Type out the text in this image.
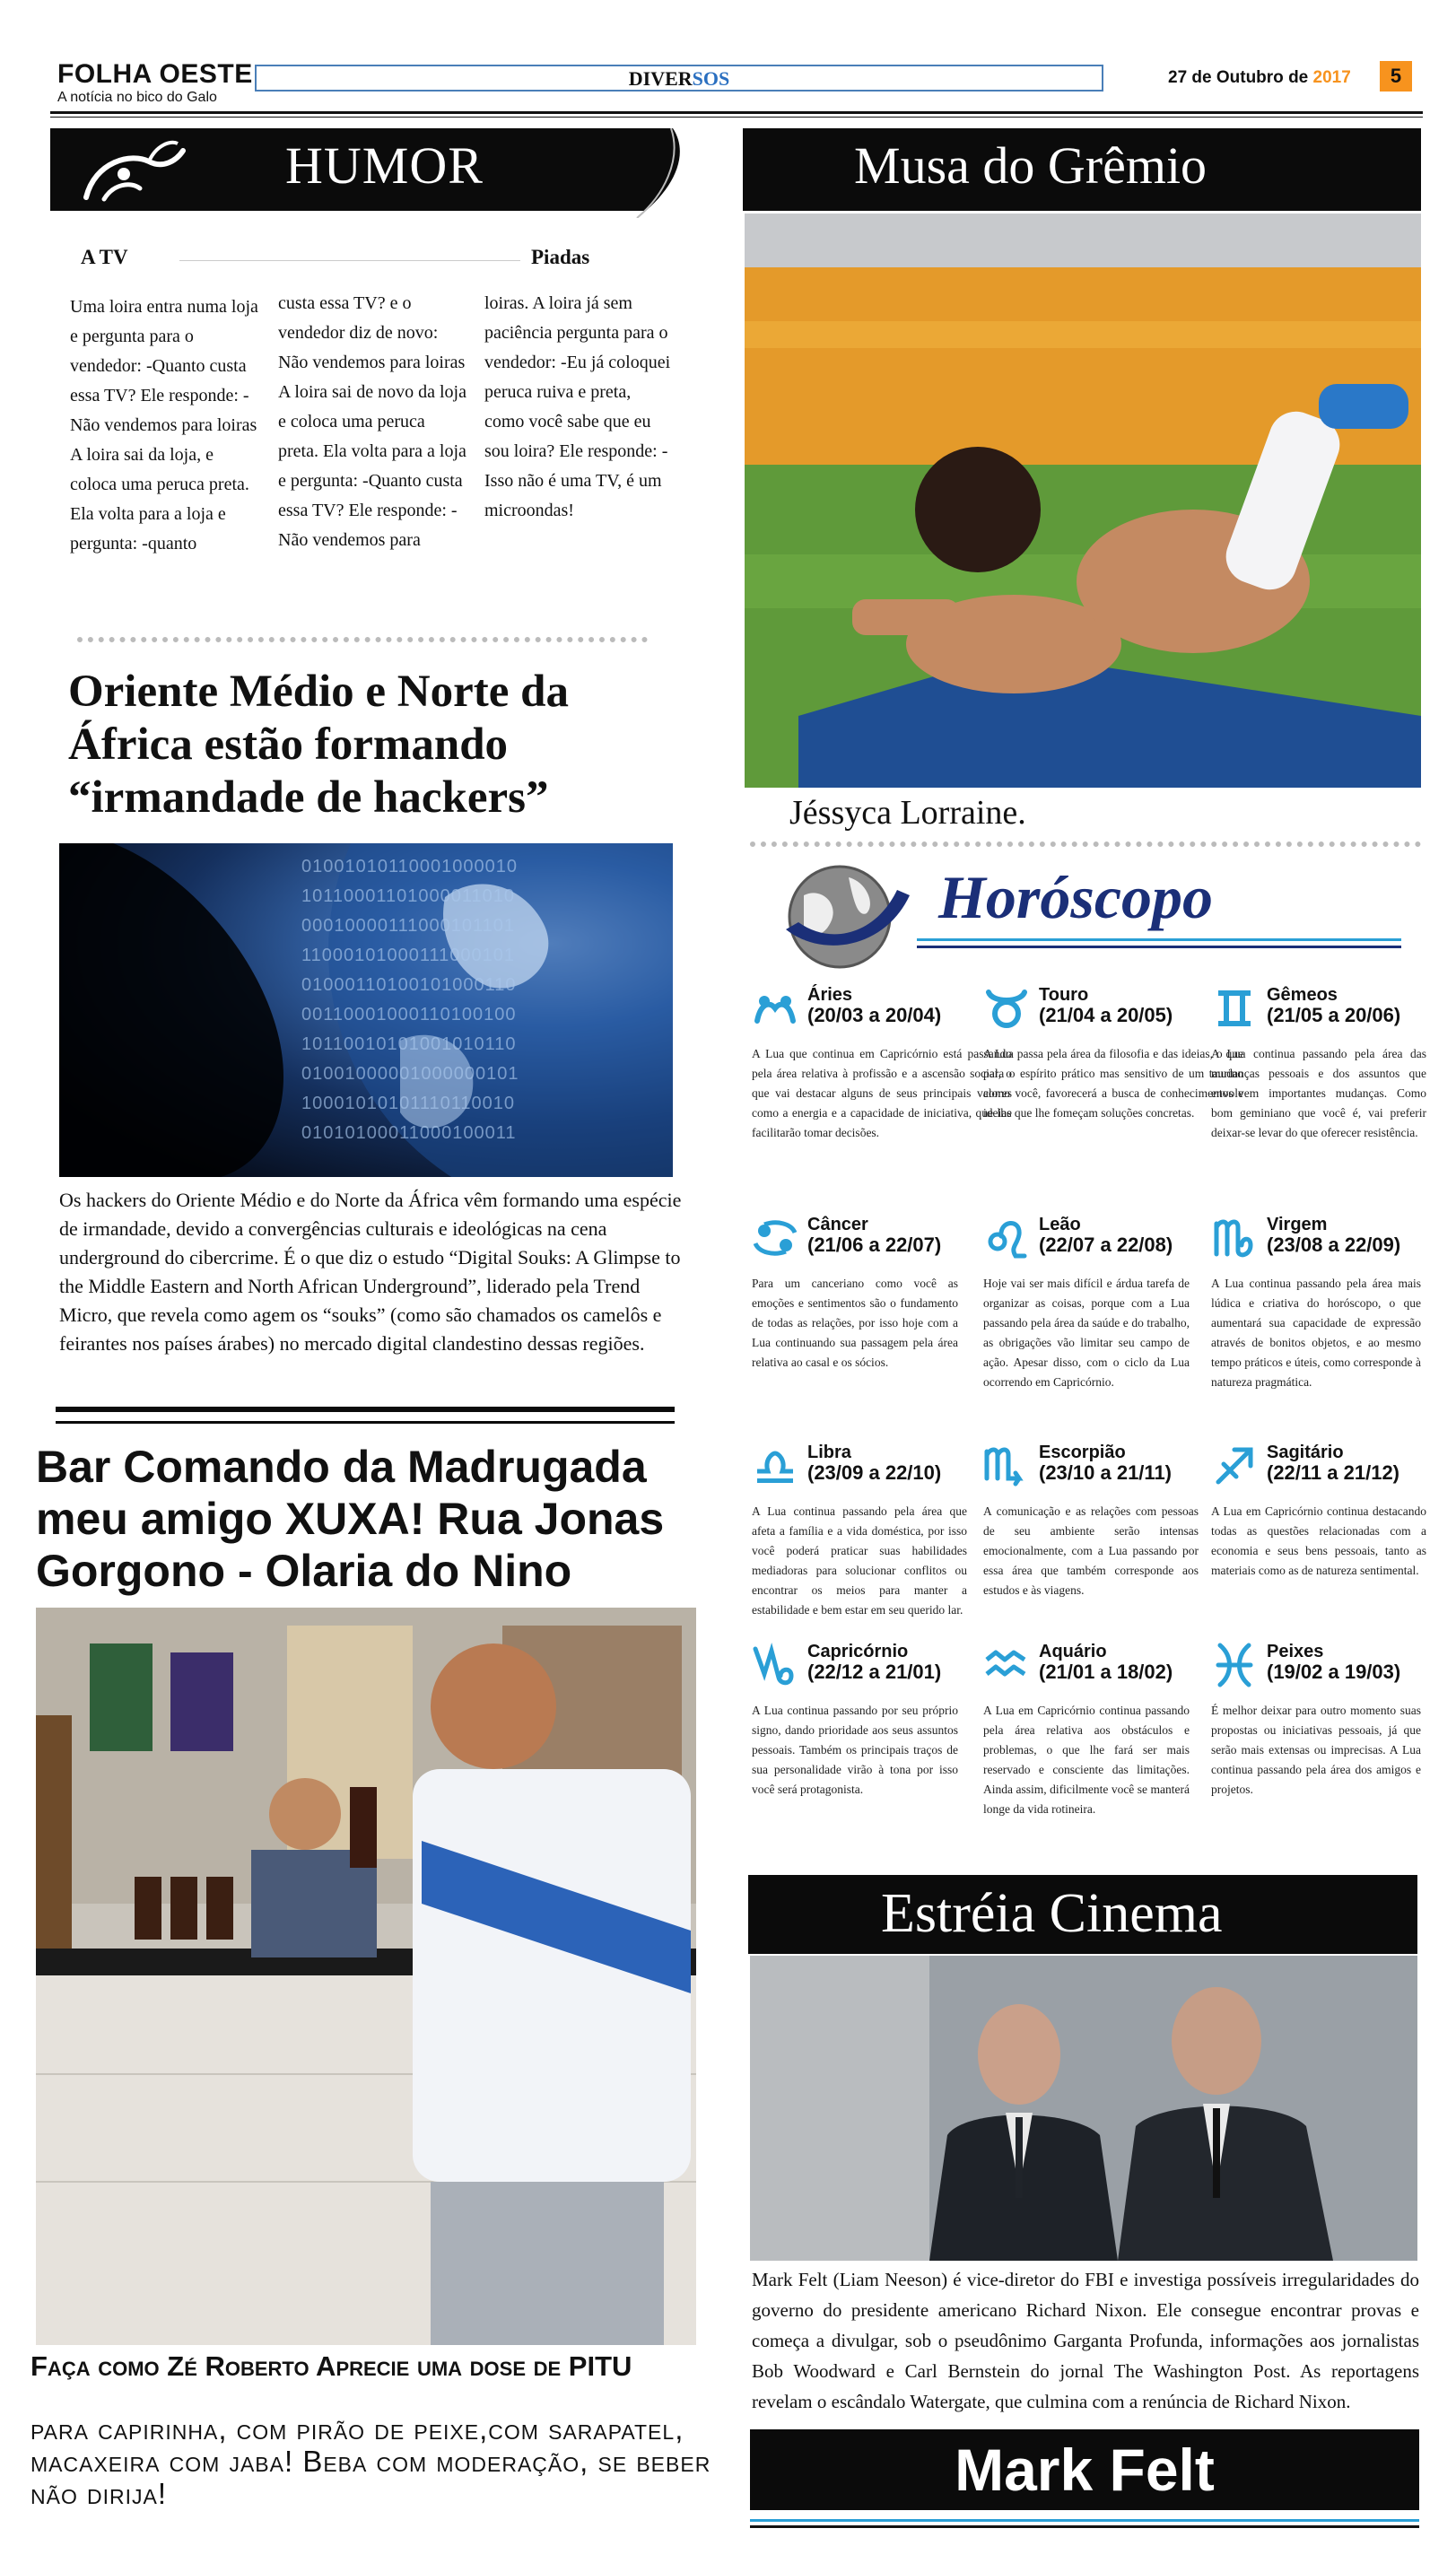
FOLHA OESTE
A notícia no bico do Galo
DIVERSOS	27 de Outubro de 2017	5
HUMOR
A TV	Piadas
Uma loira entra numa loja e pergunta para o vendedor: -Quanto custa essa TV? Ele responde: -Não vendemos para loiras A loira sai da loja, e coloca uma peruca preta. Ela volta para a loja e pergunta: -quanto
custa essa TV? e o vendedor diz de novo: Não vendemos para loiras A loira sai de novo da loja e coloca uma peruca preta. Ela volta para a loja e pergunta: -Quanto custa essa TV? Ele responde: -Não vendemos para
loiras. A loira já sem paciência pergunta para o vendedor: -Eu já coloquei peruca ruiva e preta, como você sabe que eu sou loira? Ele responde: -Isso não é uma TV, é um microondas!
Oriente Médio e Norte da África estão formando “irmandade de hackers”
01001010110001000010
10110001101000011010
00010000111000101101
11000101000111000101
01000110100101000110
00110001000110100100
10110010101001010110
01001000001000000101
10001010101110110010
01010100011000100011
Os hackers do Oriente Médio e do Norte da África vêm formando uma espécie de irmandade, devido a convergências culturais e ideológicas na cena underground do cibercrime. É o que diz o estudo “Digital Souks: A Glimpse to the Middle Eastern and North African Underground”, liderado pela Trend Micro, que revela como agem os “souks” (como são chamados os camelôs e feirantes nos países árabes) no mercado digital clandestino dessas regiões.
Bar Comando da Madrugada meu amigo XUXA! Rua Jonas Gorgono - Olaria do Nino
Faça como Zé Roberto Aprecie uma dose de PITU
para capirinha, com pirão de peixe,com sarapatel, macaxeira com jaba! Beba com moderação, se beber não dirija!
Musa do Grêmio
Jéssyca Lorraine.
Horóscopo
Áries
(20/03 a 20/04)
A Lua que continua em Capricórnio está passando pela área relativa à profissão e a ascensão social, o que vai destacar alguns de seus principais valores como a energia e a capacidade de iniciativa, que lhe facilitarão tomar decisões.
Touro
(21/04 a 20/05)
A Lua passa pela área da filosofia e das ideias, o que para o espírito prático mas sensitivo de um taurino como você, favorecerá a busca de conhecimentos e ideias que lhe fomeçam soluções concretas.
Gêmeos
(21/05 a 20/06)
A Lua continua passando pela área das mudanças pessoais e dos assuntos que envolvem importantes mudanças. Como bom geminiano que você é, vai preferir deixar-se levar do que oferecer resistência.
Câncer
(21/06 a 22/07)
Para um canceriano como você as emoções e sentimentos são o fundamento de todas as relações, por isso hoje com a Lua continuando sua passagem pela área relativa ao casal e os sócios.
Leão
(22/07 a 22/08)
Hoje vai ser mais difícil e árdua tarefa de organizar as coisas, porque com a Lua passando pela área da saúde e do trabalho, as obrigações vão limitar seu campo de ação. Apesar disso, com o ciclo da Lua ocorrendo em Capricórnio.
Virgem
(23/08 a 22/09)
A Lua continua passando pela área mais lúdica e criativa do horóscopo, o que aumentará sua capacidade de expressão através de bonitos objetos, e ao mesmo tempo práticos e úteis, como corresponde à natureza pragmática.
Libra
(23/09 a 22/10)
A Lua continua passando pela área que afeta a família e a vida doméstica, por isso você poderá praticar suas habilidades mediadoras para solucionar conflitos ou encontrar os meios para manter a estabilidade e bem estar em seu querido lar.
Escorpião
(23/10 a 21/11)
A comunicação e as relações com pessoas de seu ambiente serão intensas emocionalmente, com a Lua passando por essa área que também corresponde aos estudos e às viagens.
Sagitário
(22/11 a 21/12)
A Lua em Capricórnio continua destacando todas as questões relacionadas com a economia e seus bens pessoais, tanto as materiais como as de natureza sentimental.
Capricórnio
(22/12 a 21/01)
A Lua continua passando por seu próprio signo, dando prioridade aos seus assuntos pessoais. Também os principais traços de sua personalidade virão à tona por isso você será protagonista.
Aquário
(21/01 a 18/02)
A Lua em Capricórnio continua passando pela área relativa aos obstáculos e problemas, o que lhe fará ser mais reservado e consciente das limitações. Ainda assim, dificilmente você se manterá longe da vida rotineira.
Peixes
(19/02 a 19/03)
É melhor deixar para outro momento suas propostas ou iniciativas pessoais, já que serão mais extensas ou imprecisas. A Lua continua passando pela área dos amigos e projetos.
Estréia Cinema
Mark Felt (Liam Neeson) é vice-diretor do FBI e investiga possíveis irregularidades do governo do presidente americano Richard Nixon. Ele consegue encontrar provas e começa a divulgar, sob o pseudônimo Garganta Profunda, informações aos jornalistas Bob Woodward e Carl Bernstein do jornal The Washington Post. As reportagens revelam o escândalo Watergate, que culmina com a renúncia de Richard Nixon.
Mark Felt
